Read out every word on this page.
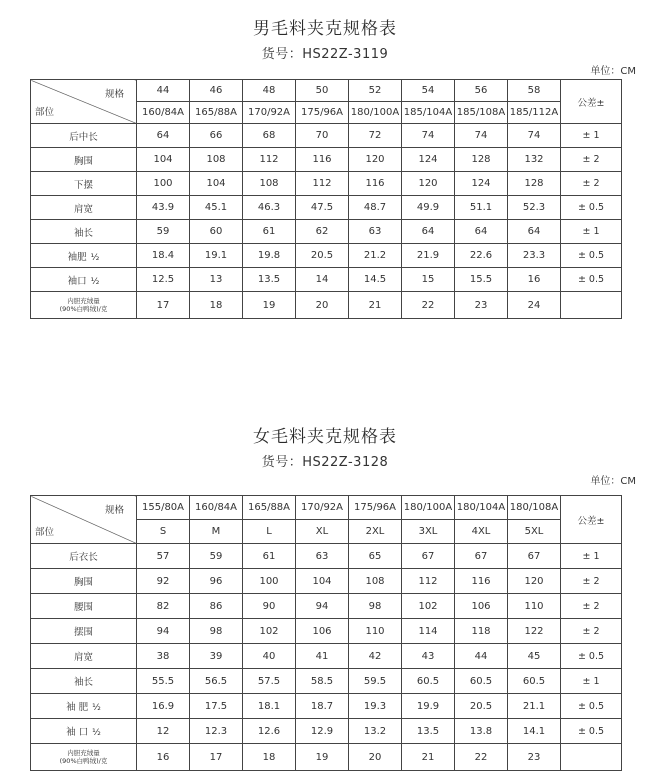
男毛料夹克规格表
货号：HS22Z-3119
单位：CM
规格
部位	44	46	48	50	52	54	56	58	公差±
	160/84A	165/88A	170/92A	175/96A	180/100A	185/104A	185/108A	185/112A	
后中长	64	66	68	70	72	74	74	74	± 1
胸围	104	108	112	116	120	124	128	132	± 2
下摆	100	104	108	112	116	120	124	128	± 2
肩宽	43.9	45.1	46.3	47.5	48.7	49.9	51.1	52.3	± 0.5
袖长	59	60	61	62	63	64	64	64	± 1
袖肥 ½	18.4	19.1	19.8	20.5	21.2	21.9	22.6	23.3	± 0.5
袖口 ½	12.5	13	13.5	14	14.5	15	15.5	16	± 0.5

内胆充绒量
(90%白鸭绒)/克	17	18	19	20	21	22	23	24	
女毛料夹克规格表
货号：HS22Z-3128
单位：CM
规格
部位	155/80A	160/84A	165/88A	170/92A	175/96A	180/100A	180/104A	180/108A	公差±
	S	M	L	XL	2XL	3XL	4XL	5XL	
后衣长	57	59	61	63	65	67	67	67	± 1
胸围	92	96	100	104	108	112	116	120	± 2
腰围	82	86	90	94	98	102	106	110	± 2
摆围	94	98	102	106	110	114	118	122	± 2
肩宽	38	39	40	41	42	43	44	45	± 0.5
袖长	55.5	56.5	57.5	58.5	59.5	60.5	60.5	60.5	± 1
袖 肥 ½	16.9	17.5	18.1	18.7	19.3	19.9	20.5	21.1	± 0.5
袖 口 ½	12	12.3	12.6	12.9	13.2	13.5	13.8	14.1	± 0.5

内胆充绒量
(90%白鸭绒)/克	16	17	18	19	20	21	22	23	
